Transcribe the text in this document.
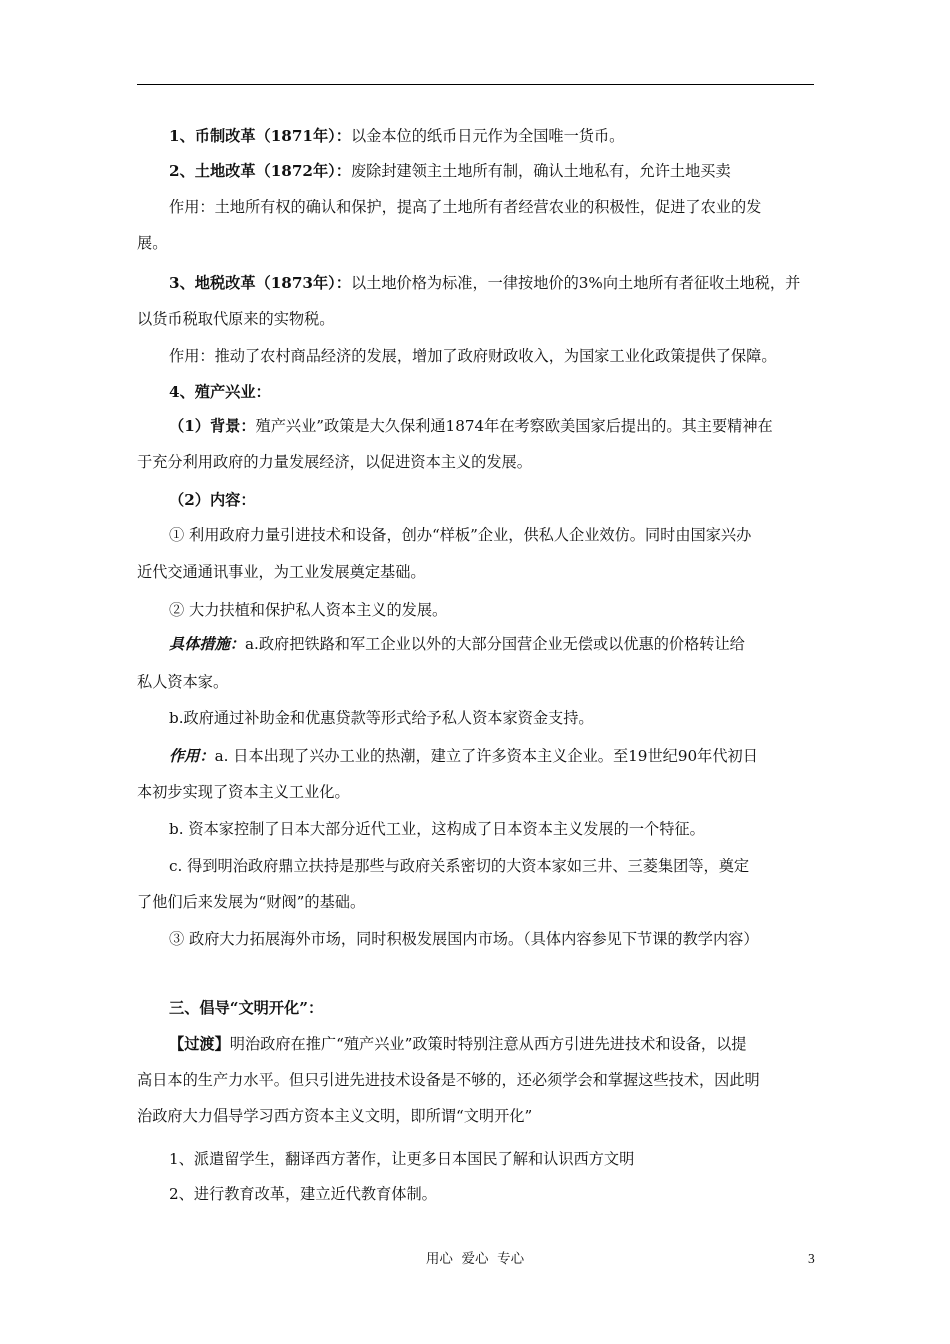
1、币制改革（1871年）：以金本位的纸币日元作为全国唯一货币。
2、土地改革（1872年）：废除封建领主土地所有制，确认土地私有，允许土地买卖
作用：土地所有权的确认和保护，提高了土地所有者经营农业的积极性，促进了农业的发
展。
3、地税改革（1873年）：以土地价格为标准，一律按地价的3%向土地所有者征收土地税，并
以货币税取代原来的实物税。
作用：推动了农村商品经济的发展，增加了政府财政收入，为国家工业化政策提供了保障。
4、殖产兴业：
（1）背景：殖产兴业”政策是大久保利通1874年在考察欧美国家后提出的。其主要精神在
于充分利用政府的力量发展经济，以促进资本主义的发展。
（2）内容：
① 利用政府力量引进技术和设备，创办“样板”企业，供私人企业效仿。同时由国家兴办
近代交通通讯事业，为工业发展奠定基础。
② 大力扶植和保护私人资本主义的发展。
具体措施：a.政府把铁路和军工企业以外的大部分国营企业无偿或以优惠的价格转让给
私人资本家。
b.政府通过补助金和优惠贷款等形式给予私人资本家资金支持。
作用：a. 日本出现了兴办工业的热潮，建立了许多资本主义企业。至19世纪90年代初日
本初步实现了资本主义工业化。
b. 资本家控制了日本大部分近代工业，这构成了日本资本主义发展的一个特征。
c. 得到明治政府鼎立扶持是那些与政府关系密切的大资本家如三井、三菱集团等，奠定
了他们后来发展为“财阀”的基础。
③ 政府大力拓展海外市场，同时积极发展国内市场。（具体内容参见下节课的教学内容）
三、倡导“文明开化”：
【过渡】明治政府在推广“殖产兴业”政策时特别注意从西方引进先进技术和设备，以提
高日本的生产力水平。但只引进先进技术设备是不够的，还必须学会和掌握这些技术，因此明
治政府大力倡导学习西方资本主义文明，即所谓“文明开化”
1、派遣留学生，翻译西方著作，让更多日本国民了解和认识西方文明
2、进行教育改革，建立近代教育体制。
用心  爱心  专心	3
